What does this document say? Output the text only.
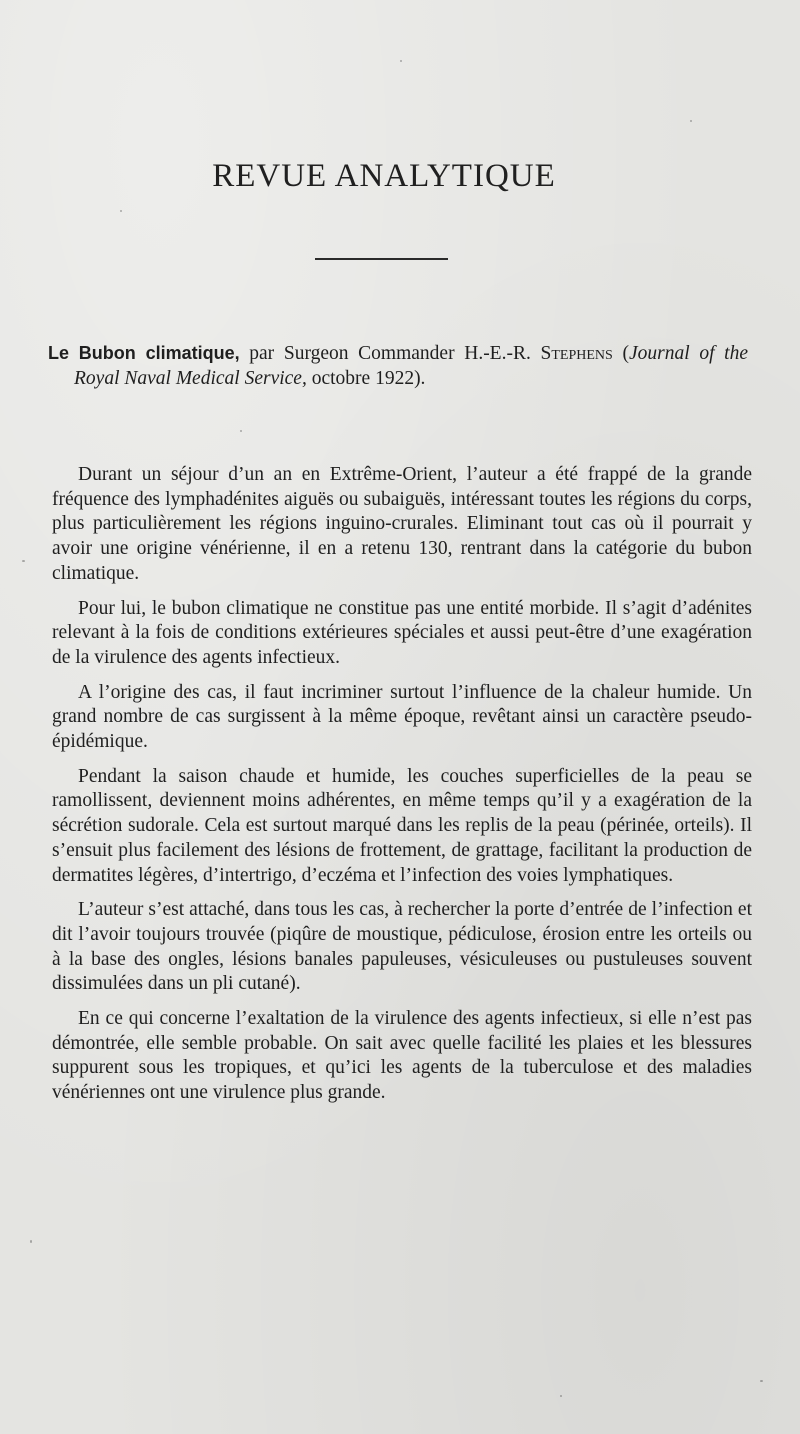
REVUE ANALYTIQUE

Le Bubon climatique, par Surgeon Commander H.-E.-R. Stephens (Journal of the Royal Naval Medical Service, octobre 1922).

Durant un séjour d’un an en Extrême-Orient, l’auteur a été frappé de la grande fréquence des lymphadénites aiguës ou subaiguës, intéressant toutes les régions du corps, plus particulièrement les régions inguino-crurales. Eliminant tout cas où il pourrait y avoir une origine vénérienne, il en a retenu 130, rentrant dans la catégorie du bubon climatique.

Pour lui, le bubon climatique ne constitue pas une entité morbide. Il s’agit d’adénites relevant à la fois de conditions extérieures spéciales et aussi peut-être d’une exagération de la virulence des agents infectieux.

A l’origine des cas, il faut incriminer surtout l’influence de la chaleur humide. Un grand nombre de cas surgissent à la même époque, revêtant ainsi un caractère pseudo-épidémique.

Pendant la saison chaude et humide, les couches superficielles de la peau se ramollissent, deviennent moins adhérentes, en même temps qu’il y a exagération de la sécrétion sudorale. Cela est surtout marqué dans les replis de la peau (périnée, orteils). Il s’ensuit plus facilement des lésions de frottement, de grattage, facilitant la production de dermatites légères, d’intertrigo, d’eczéma et l’infection des voies lymphatiques.

L’auteur s’est attaché, dans tous les cas, à rechercher la porte d’entrée de l’infection et dit l’avoir toujours trouvée (piqûre de moustique, pédiculose, érosion entre les orteils ou à la base des ongles, lésions banales papuleuses, vésiculeuses ou pustuleuses souvent dissimulées dans un pli cutané).

En ce qui concerne l’exaltation de la virulence des agents infectieux, si elle n’est pas démontrée, elle semble probable. On sait avec quelle facilité les plaies et les blessures suppurent sous les tropiques, et qu’ici les agents de la tuberculose et des maladies vénériennes ont une virulence plus grande.
